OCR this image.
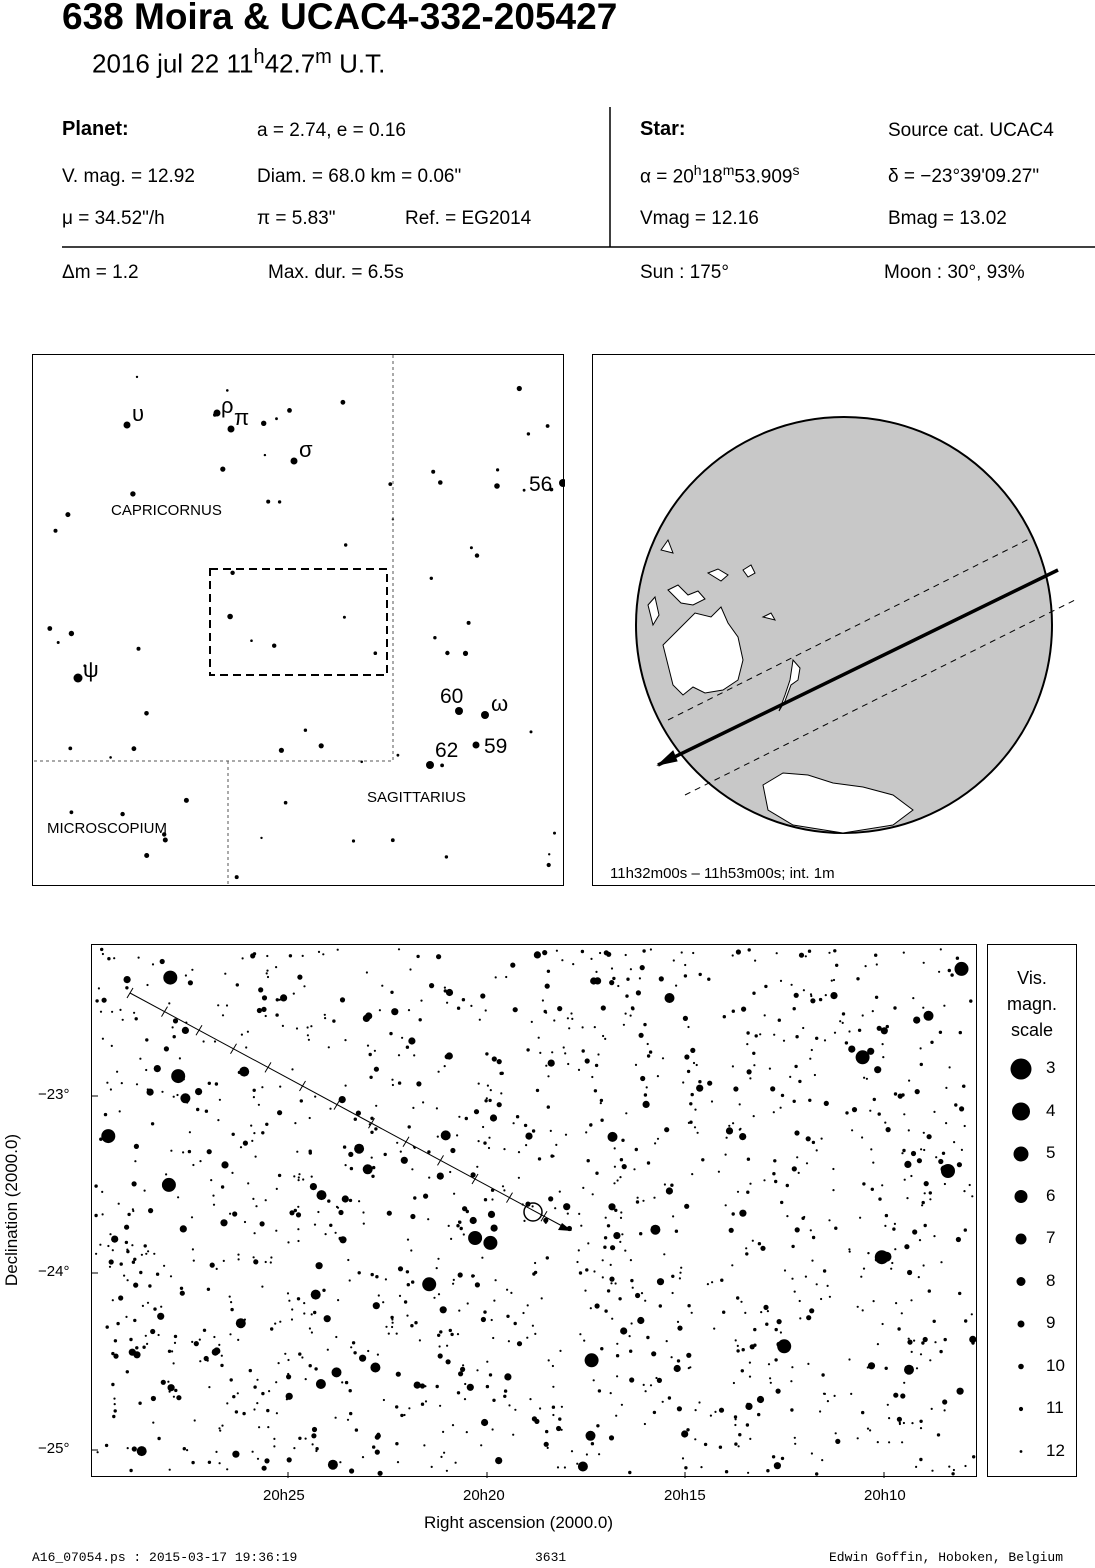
638 Moira & UCAC4-332-205427
2016 jul 22 11$^h$42.7$^m$ U.T.
Planet:	a = 2.74, e = 0.16
V. mag. = 12.92	Diam. = 68.0 km = 0.06"
μ = 34.52"/h	π = 5.83"	Ref. = EG2014
Star:	Source cat. UCAC4
$\alpha = 20^h18^m53.909^s$	δ = −23°39'09.27"
Vmag = 12.16	Bmag = 13.02
Δm = 1.2	Max. dur. = 6.5s	Sun : 175°	Moon : 30°, 93%
CAPRICORNUS
MICROSCOPIUM
SAGITTARIUS
υ	ρ π
σ
56
ψ
60 ω
62 59
11h32m00s – 11h53m00s; int. 1m
−23°
−24°
−25°
20h25	20h20	20h15	20h10
Right ascension (2000.0)
Declination (2000.0)
Vis.
magn.
scale
3
4
5
6
7
8
9
10
11
12
A16_07054.ps : 2015-03-17 19:36:19	3631	Edwin Goffin, Hoboken, Belgium
